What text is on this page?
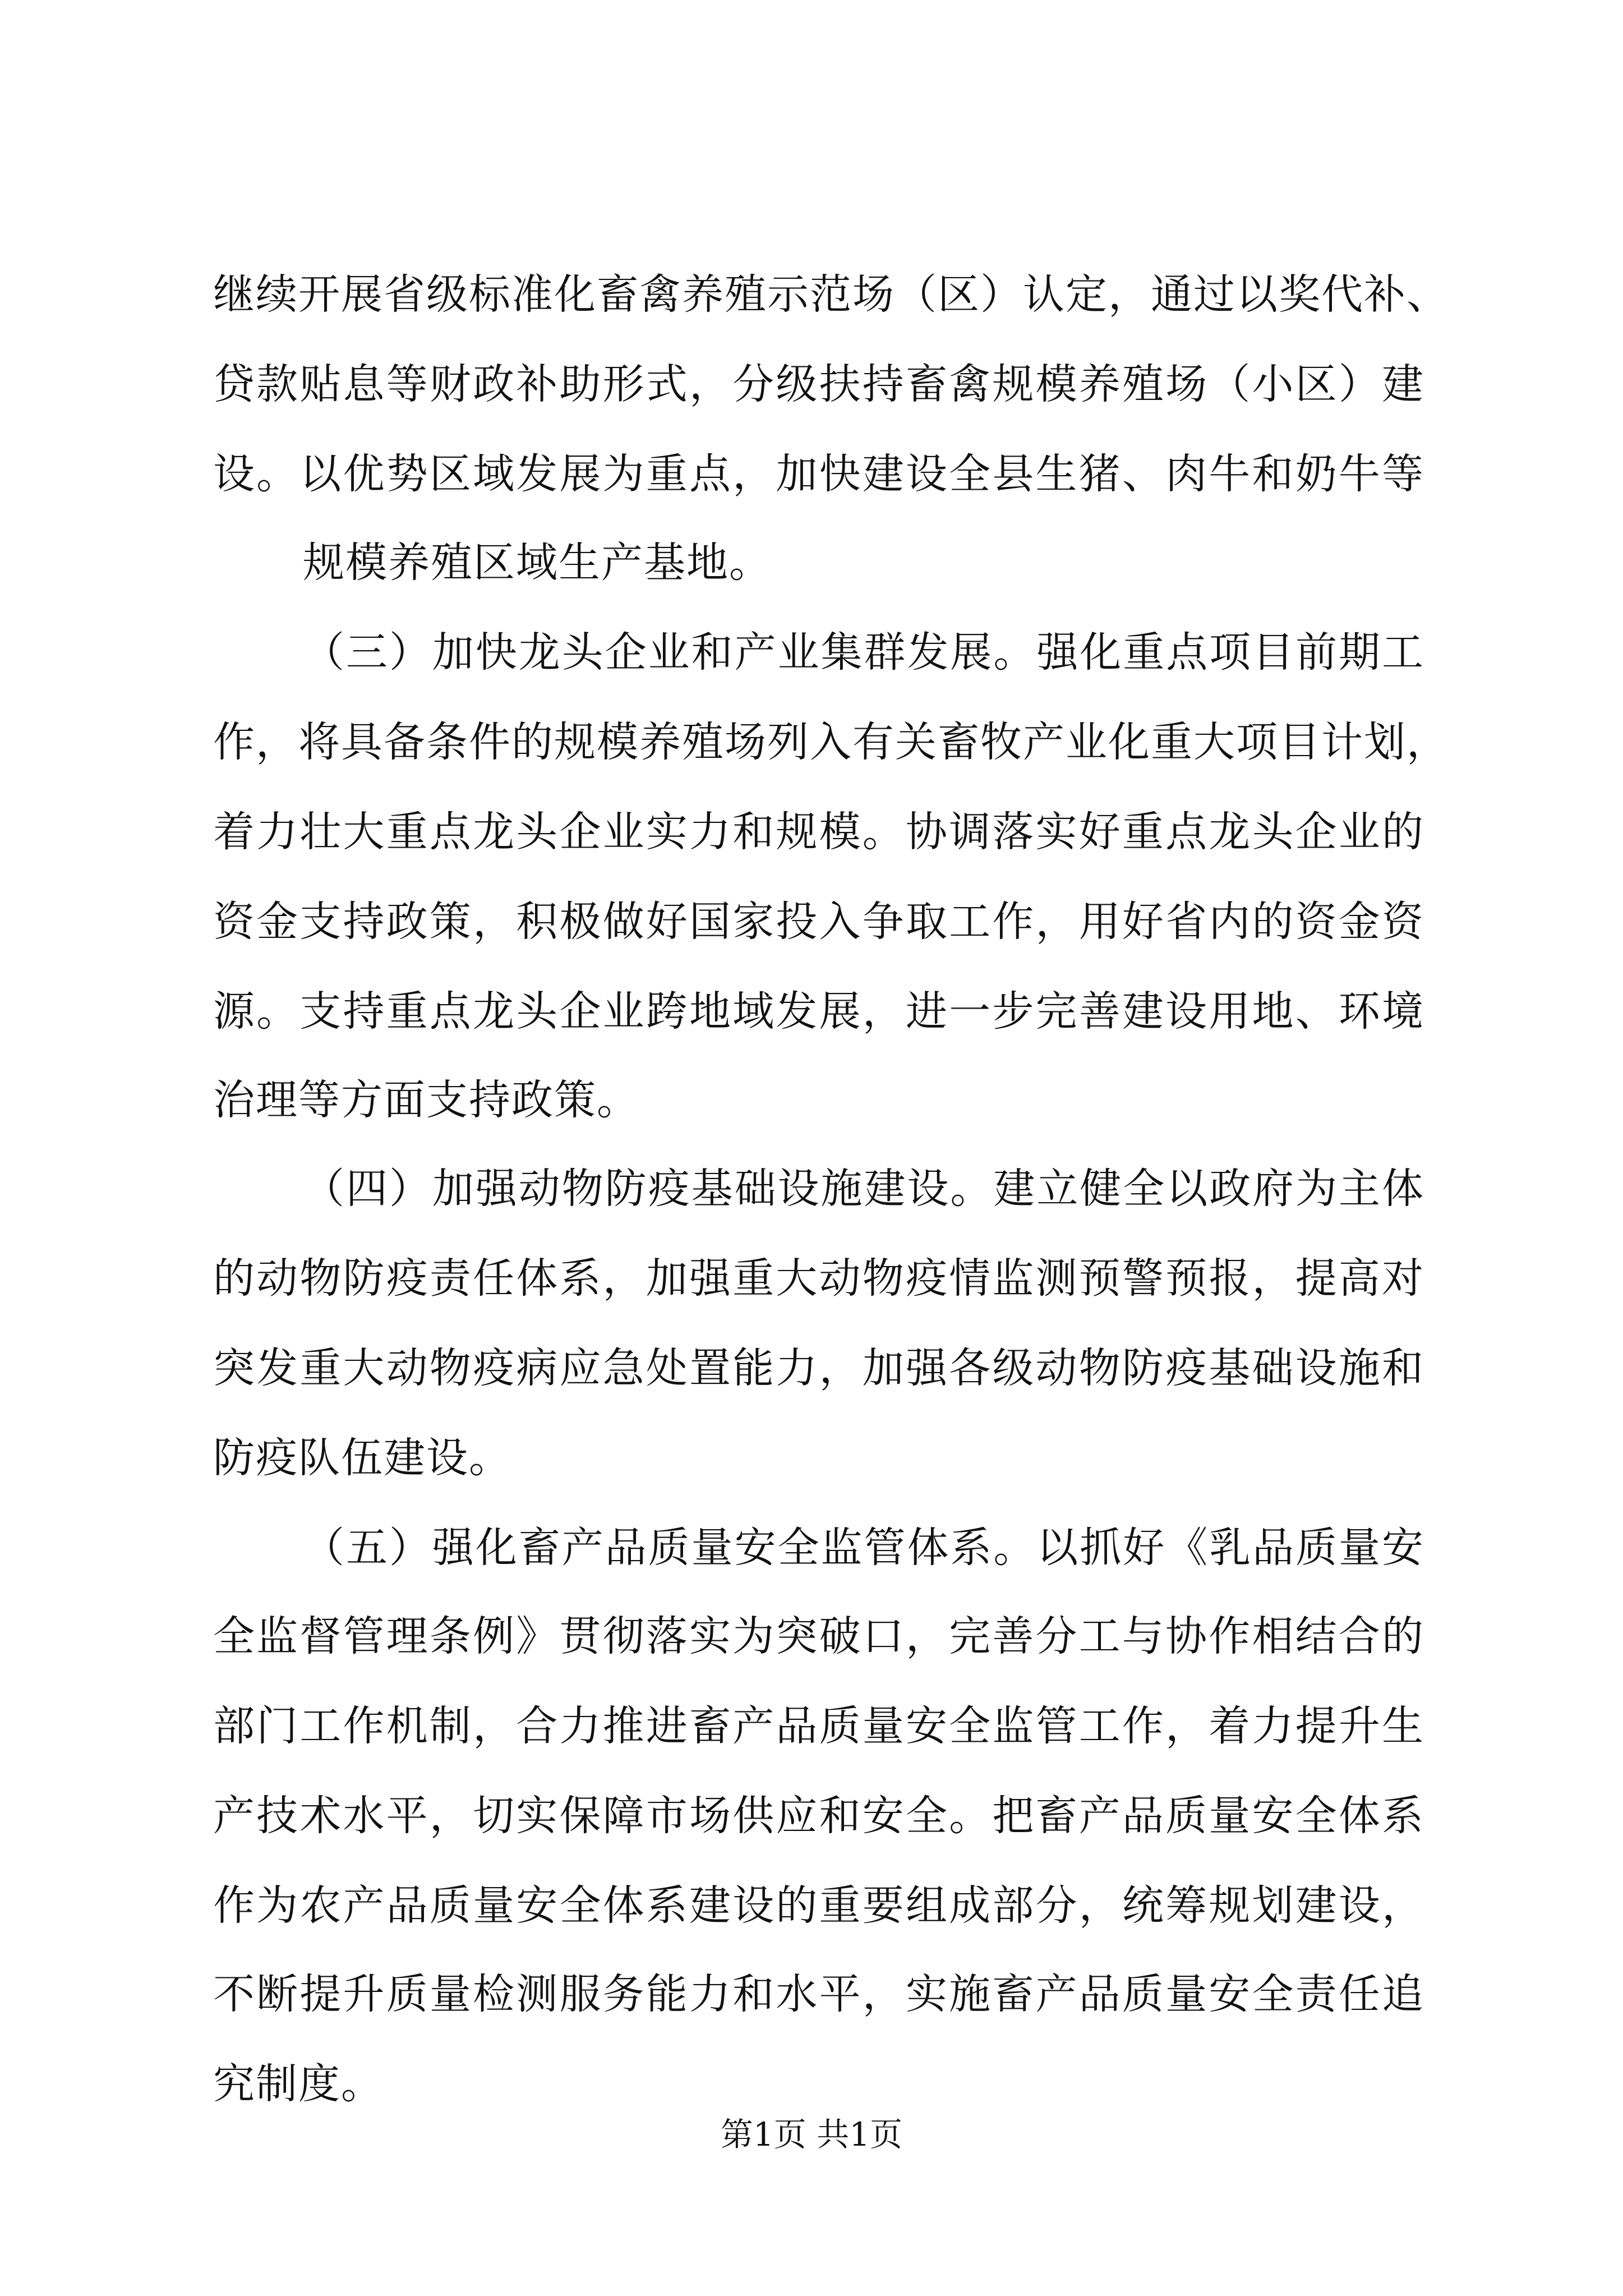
继续开展省级标准化畜禽养殖示范场（区）认定，通过以奖代补、
贷款贴息等财政补助形式，分级扶持畜禽规模养殖场（小区）建
设。以优势区域发展为重点，加快建设全县生猪、肉牛和奶牛等
规模养殖区域生产基地。
（三）加快龙头企业和产业集群发展。强化重点项目前期工
作，将具备条件的规模养殖场列入有关畜牧产业化重大项目计划，
着力壮大重点龙头企业实力和规模。协调落实好重点龙头企业的
资金支持政策，积极做好国家投入争取工作，用好省内的资金资
源。支持重点龙头企业跨地域发展，进一步完善建设用地、环境
治理等方面支持政策。
（四）加强动物防疫基础设施建设。建立健全以政府为主体
的动物防疫责任体系，加强重大动物疫情监测预警预报，提高对
突发重大动物疫病应急处置能力，加强各级动物防疫基础设施和
防疫队伍建设。
（五）强化畜产品质量安全监管体系。以抓好《乳品质量安
全监督管理条例》贯彻落实为突破口，完善分工与协作相结合的
部门工作机制，合力推进畜产品质量安全监管工作，着力提升生
产技术水平，切实保障市场供应和安全。把畜产品质量安全体系
作为农产品质量安全体系建设的重要组成部分，统筹规划建设，
不断提升质量检测服务能力和水平，实施畜产品质量安全责任追
究制度。
第1页 共1页
